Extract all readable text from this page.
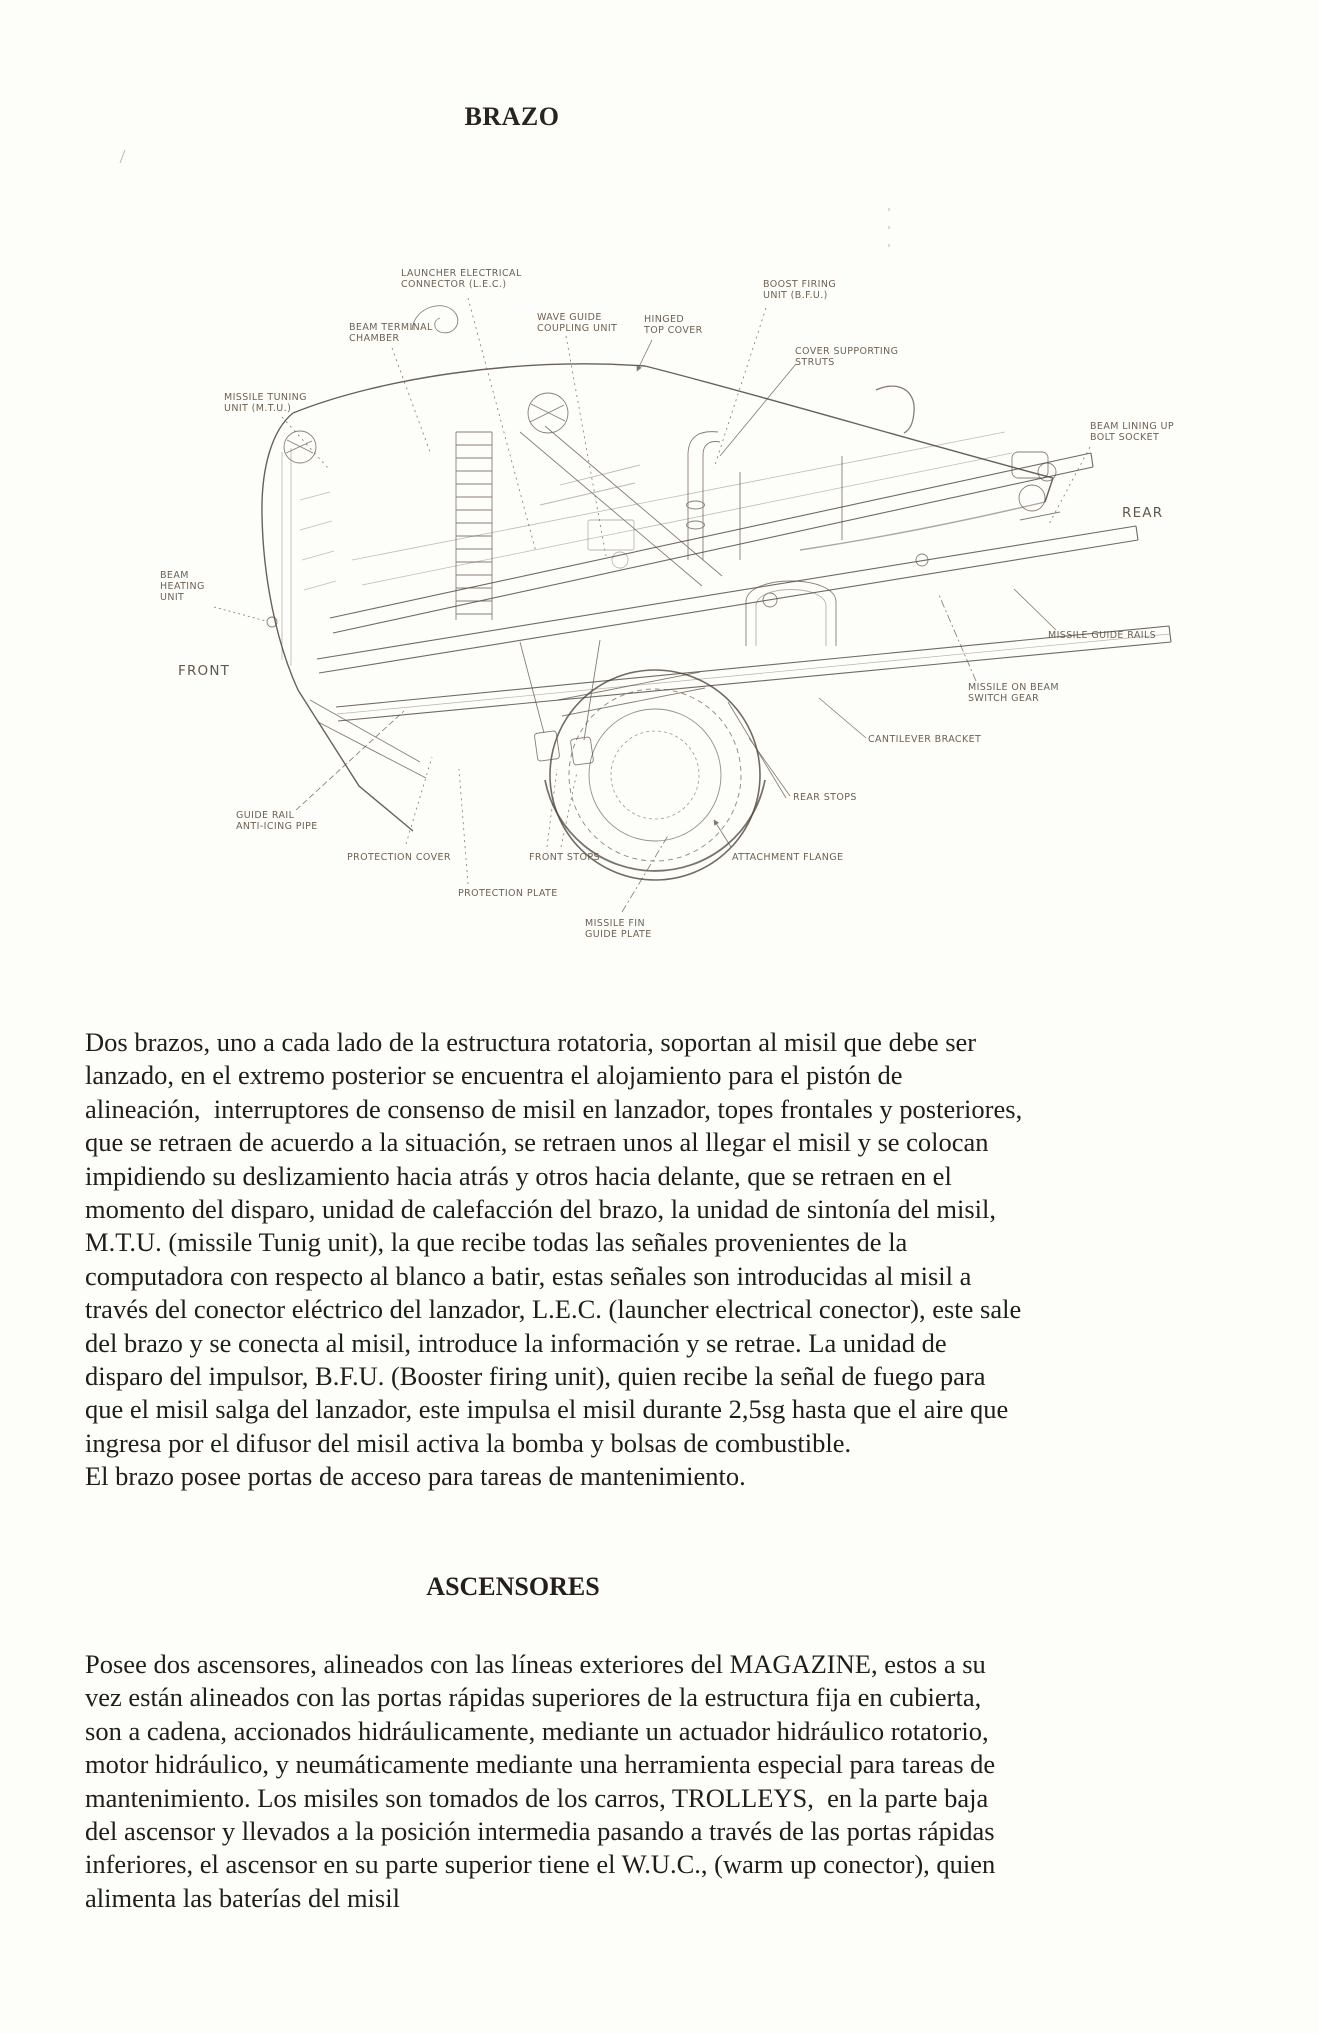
BRAZO
LAUNCHER ELECTRICAL
CONNECTOR (L.E.C.)	BOOST FIRING
UNIT (B.F.U.)
BEAM TERMINAL
CHAMBER
WAVE GUIDE
COUPLING UNIT
HINGED
TOP COVER
COVER SUPPORTING
STRUTS
MISSILE TUNING
UNIT (M.T.U.)
BEAM LINING UP
BOLT SOCKET
REAR
BEAM
HEATING
UNIT
FRONT
MISSILE GUIDE RAILS
MISSILE ON BEAM
SWITCH GEAR
CANTILEVER BRACKET
REAR STOPS
ATTACHMENT FLANGE
GUIDE RAIL
ANTI-ICING PIPE
PROTECTION COVER	FRONT STOPS
PROTECTION PLATE
MISSILE FIN
GUIDE PLATE
Dos brazos, uno a cada lado de la estructura rotatoria, soportan al misil que debe ser
lanzado, en el extremo posterior se encuentra el alojamiento para el pistón de
alineación,  interruptores de consenso de misil en lanzador, topes frontales y posteriores,
que se retraen de acuerdo a la situación, se retraen unos al llegar el misil y se colocan
impidiendo su deslizamiento hacia atrás y otros hacia delante, que se retraen en el
momento del disparo, unidad de calefacción del brazo, la unidad de sintonía del misil,
M.T.U. (missile Tunig unit), la que recibe todas las señales provenientes de la
computadora con respecto al blanco a batir, estas señales son introducidas al misil a
través del conector eléctrico del lanzador, L.E.C. (launcher electrical conector), este sale
del brazo y se conecta al misil, introduce la información y se retrae. La unidad de
disparo del impulsor, B.F.U. (Booster firing unit), quien recibe la señal de fuego para
que el misil salga del lanzador, este impulsa el misil durante 2,5sg hasta que el aire que
ingresa por el difusor del misil activa la bomba y bolsas de combustible.
El brazo posee portas de acceso para tareas de mantenimiento.
ASCENSORES
Posee dos ascensores, alineados con las líneas exteriores del MAGAZINE, estos a su
vez están alineados con las portas rápidas superiores de la estructura fija en cubierta,
son a cadena, accionados hidráulicamente, mediante un actuador hidráulico rotatorio,
motor hidráulico, y neumáticamente mediante una herramienta especial para tareas de
mantenimiento. Los misiles son tomados de los carros, TROLLEYS,  en la parte baja
del ascensor y llevados a la posición intermedia pasando a través de las portas rápidas
inferiores, el ascensor en su parte superior tiene el W.U.C., (warm up conector), quien
alimenta las baterías del misil
